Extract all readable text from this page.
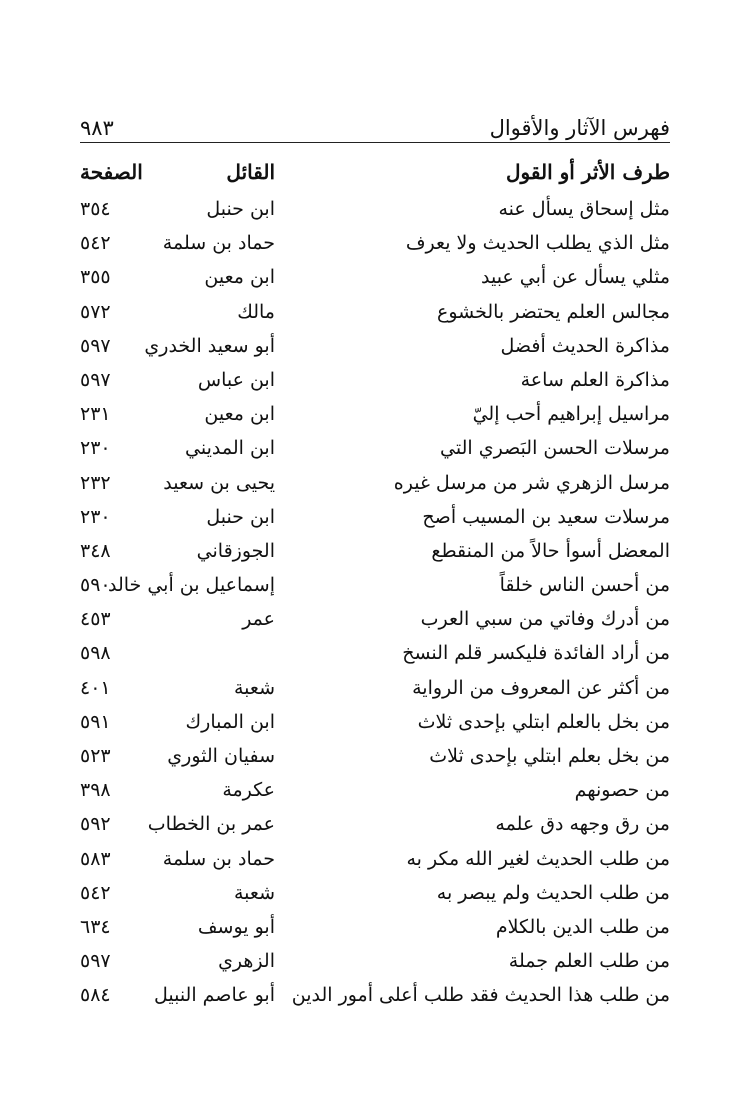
٩٨٣	فهرس الآثار والأقوال
طرف الأثر أو القول
القائل
الصفحة
مثل إسحاق يسأل عنه
ابن حنبل
٣٥٤
مثل الذي يطلب الحديث ولا يعرف
حماد بن سلمة
٥٤٢
مثلي يسأل عن أبي عبيد
ابن معين
٣٥٥
مجالس العلم يحتضر بالخشوع
مالك
٥٧٢
مذاكرة الحديث أفضل
أبو سعيد الخدري
٥٩٧
مذاكرة العلم ساعة
ابن عباس
٥٩٧
مراسيل إبراهيم أحب إليّ
ابن معين
٢٣١
مرسلات الحسن البَصري التي
ابن المديني
٢٣٠
مرسل الزهري شر من مرسل غيره
يحيى بن سعيد
٢٣٢
مرسلات سعيد بن المسيب أصح
ابن حنبل
٢٣٠
المعضل أسوأ حالاً من المنقطع
الجوزقاني
٣٤٨
من أحسن الناس خلقاً
إسماعيل بن أبي خالد
٥٩٠
من أدرك وفاتي من سبي العرب
عمر
٤٥٣
من أراد الفائدة فليكسر قلم النسخ
٥٩٨
من أكثر عن المعروف من الرواية
شعبة
٤٠١
من بخل بالعلم ابتلي بإحدى ثلاث
ابن المبارك
٥٩١
من بخل بعلم ابتلي بإحدى ثلاث
سفيان الثوري
٥٢٣
من حصونهم
عكرمة
٣٩٨
من رق وجهه دق علمه
عمر بن الخطاب
٥٩٢
من طلب الحديث لغير الله مكر به
حماد بن سلمة
٥٨٣
من طلب الحديث ولم يبصر به
شعبة
٥٤٢
من طلب الدين بالكلام
أبو يوسف
٦٣٤
من طلب العلم جملة
الزهري
٥٩٧
من طلب هذا الحديث فقد طلب أعلى أمور الدين
أبو عاصم النبيل
٥٨٤
